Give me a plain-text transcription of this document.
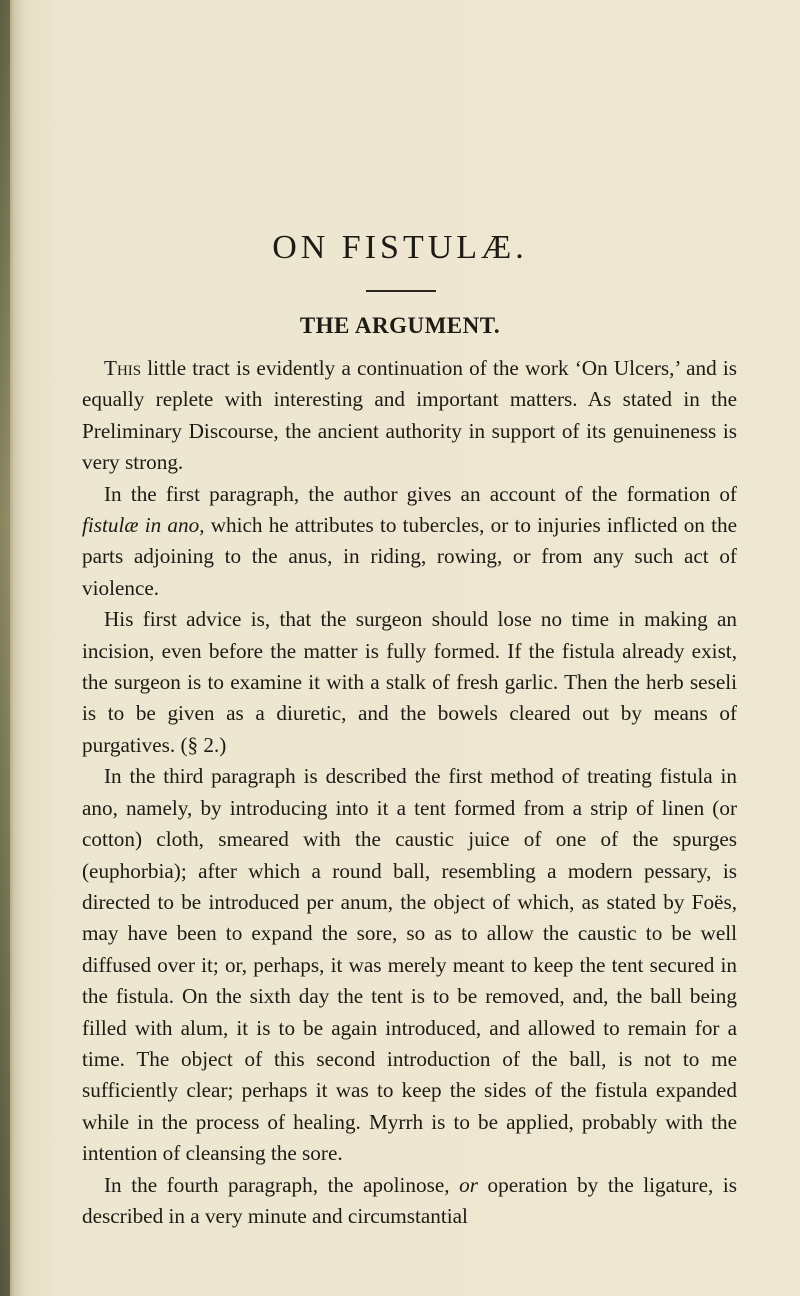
ON FISTULÆ.
THE ARGUMENT.

This little tract is evidently a continuation of the work ‘On Ulcers,’ and is equally replete with interesting and important matters. As stated in the Preliminary Discourse, the ancient authority in support of its genuineness is very strong.

In the first paragraph, the author gives an account of the formation of fistulæ in ano, which he attributes to tubercles, or to injuries inflicted on the parts adjoining to the anus, in riding, rowing, or from any such act of violence.

His first advice is, that the surgeon should lose no time in making an incision, even before the matter is fully formed. If the fistula already exist, the surgeon is to examine it with a stalk of fresh garlic. Then the herb seseli is to be given as a diuretic, and the bowels cleared out by means of purgatives. (§ 2.)

In the third paragraph is described the first method of treating fistula in ano, namely, by introducing into it a tent formed from a strip of linen (or cotton) cloth, smeared with the caustic juice of one of the spurges (euphorbia); after which a round ball, resembling a modern pessary, is directed to be introduced per anum, the object of which, as stated by Foës, may have been to expand the sore, so as to allow the caustic to be well diffused over it; or, perhaps, it was merely meant to keep the tent secured in the fistula. On the sixth day the tent is to be removed, and, the ball being filled with alum, it is to be again introduced, and allowed to remain for a time. The object of this second introduction of the ball, is not to me sufficiently clear; perhaps it was to keep the sides of the fistula expanded while in the process of healing. Myrrh is to be applied, probably with the intention of cleansing the sore.

In the fourth paragraph, the apolinose, or operation by the ligature, is described in a very minute and circumstantial
